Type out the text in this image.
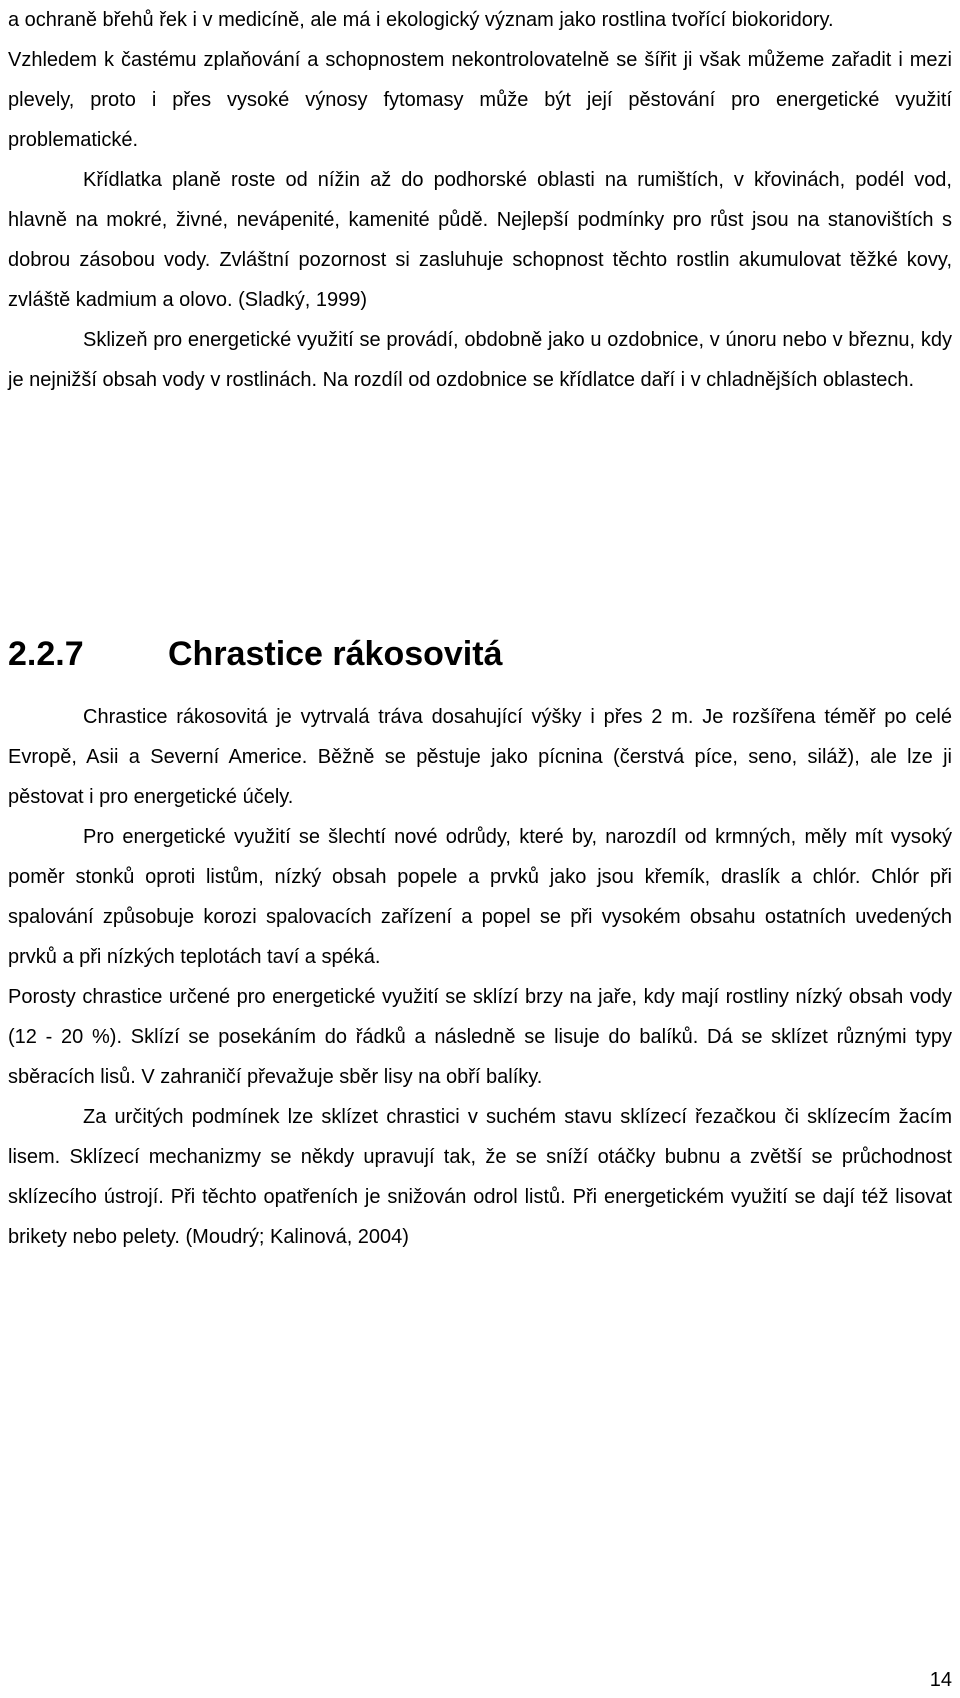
a ochraně břehů řek i v medicíně, ale má i ekologický význam jako rostlina tvořící biokoridory.

Vzhledem k častému zplaňování a schopnostem nekontrolovatelně se šířit ji však můžeme zařadit i mezi plevely, proto i přes vysoké výnosy fytomasy může být její pěstování pro energetické využití problematické.

Křídlatka planě roste od nížin až do podhorské oblasti na rumištích, v křovinách, podél vod, hlavně na mokré, živné, nevápenité, kamenité půdě. Nejlepší podmínky pro růst jsou na stanovištích s dobrou zásobou vody. Zvláštní pozornost si zasluhuje schopnost těchto rostlin akumulovat těžké kovy, zvláště kadmium a olovo. (Sladký, 1999)

Sklizeň pro energetické využití se provádí, obdobně jako u ozdobnice, v únoru nebo v březnu, kdy je nejnižší obsah vody v rostlinách. Na rozdíl od ozdobnice se křídlatce daří i v chladnějších oblastech.

2.2.7 Chrastice rákosovitá

Chrastice rákosovitá je vytrvalá tráva dosahující výšky i přes 2 m. Je rozšířena téměř po celé Evropě, Asii a Severní Americe. Běžně se pěstuje jako pícnina (čerstvá píce, seno, siláž), ale lze ji pěstovat i pro energetické účely.

Pro energetické využití se šlechtí nové odrůdy, které by, narozdíl od krmných, měly mít vysoký poměr stonků oproti listům, nízký obsah popele a prvků jako jsou křemík, draslík a chlór. Chlór při spalování způsobuje korozi spalovacích zařízení a popel se při vysokém obsahu ostatních uvedených prvků a při nízkých teplotách taví a spéká.

Porosty chrastice určené pro energetické využití se sklízí brzy na jaře, kdy mají rostliny nízký obsah vody (12 - 20 %). Sklízí se posekáním do řádků a následně se lisuje do balíků. Dá se sklízet různými typy sběracích lisů. V zahraničí převažuje sběr lisy na obří balíky.

Za určitých podmínek lze sklízet chrastici v suchém stavu sklízecí řezačkou či sklízecím žacím lisem. Sklízecí mechanizmy se někdy upravují tak, že se sníží otáčky bubnu a zvětší se průchodnost sklízecího ústrojí. Při těchto opatřeních je snižován odrol listů. Při energetickém využití se dají též lisovat brikety nebo pelety. (Moudrý; Kalinová, 2004)

14
